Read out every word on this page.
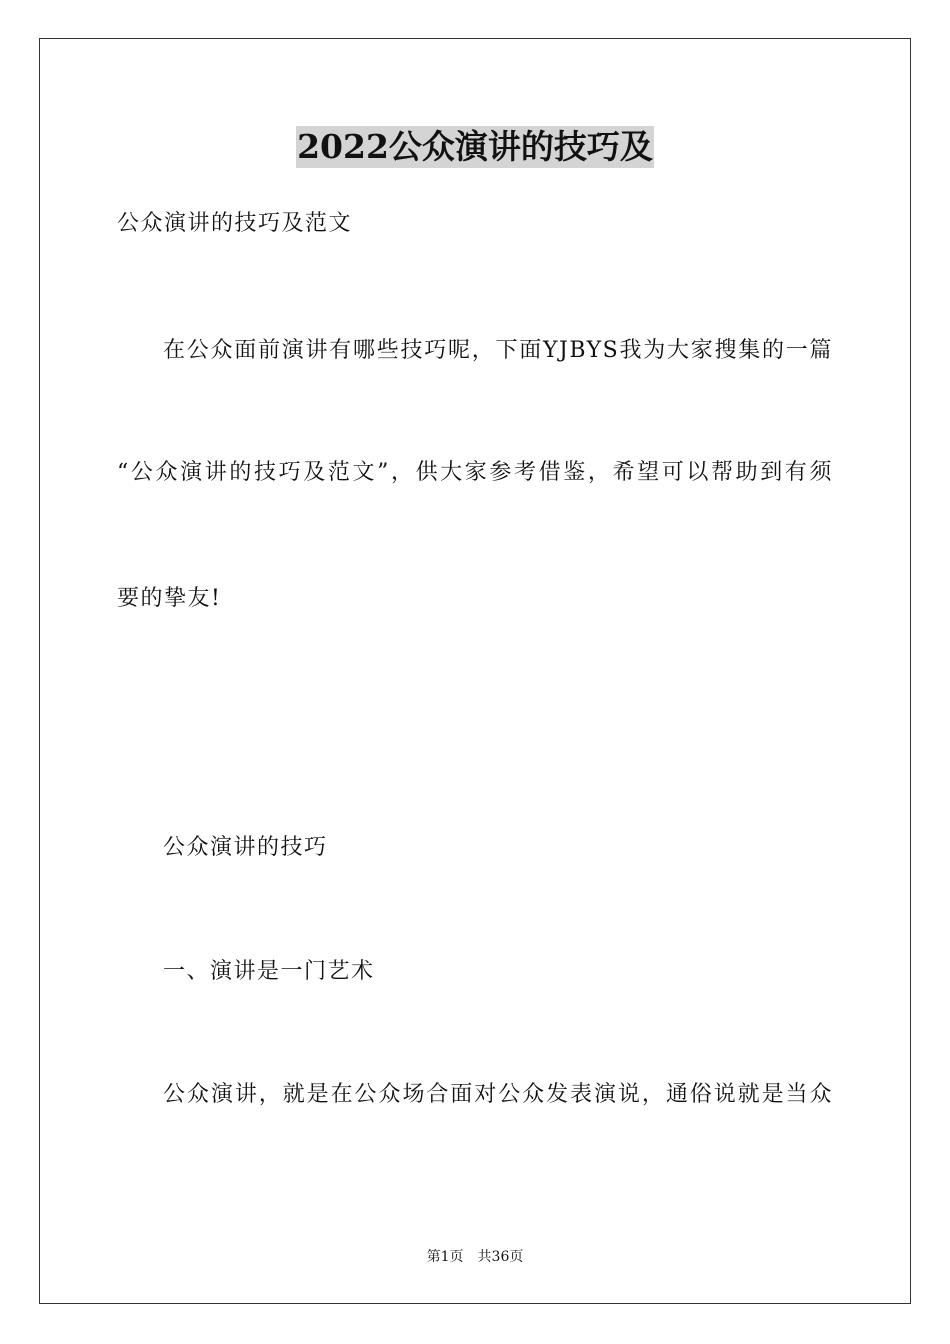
2022公众演讲的技巧及
公众演讲的技巧及范文
在公众面前演讲有哪些技巧呢，下面YJBYS我为大家搜集的一篇
“公众演讲的技巧及范文”，供大家参考借鉴，希望可以帮助到有须
要的挚友!
公众演讲的技巧
一、演讲是一门艺术
公众演讲，就是在公众场合面对公众发表演说，通俗说就是当众
第1页 共36页
